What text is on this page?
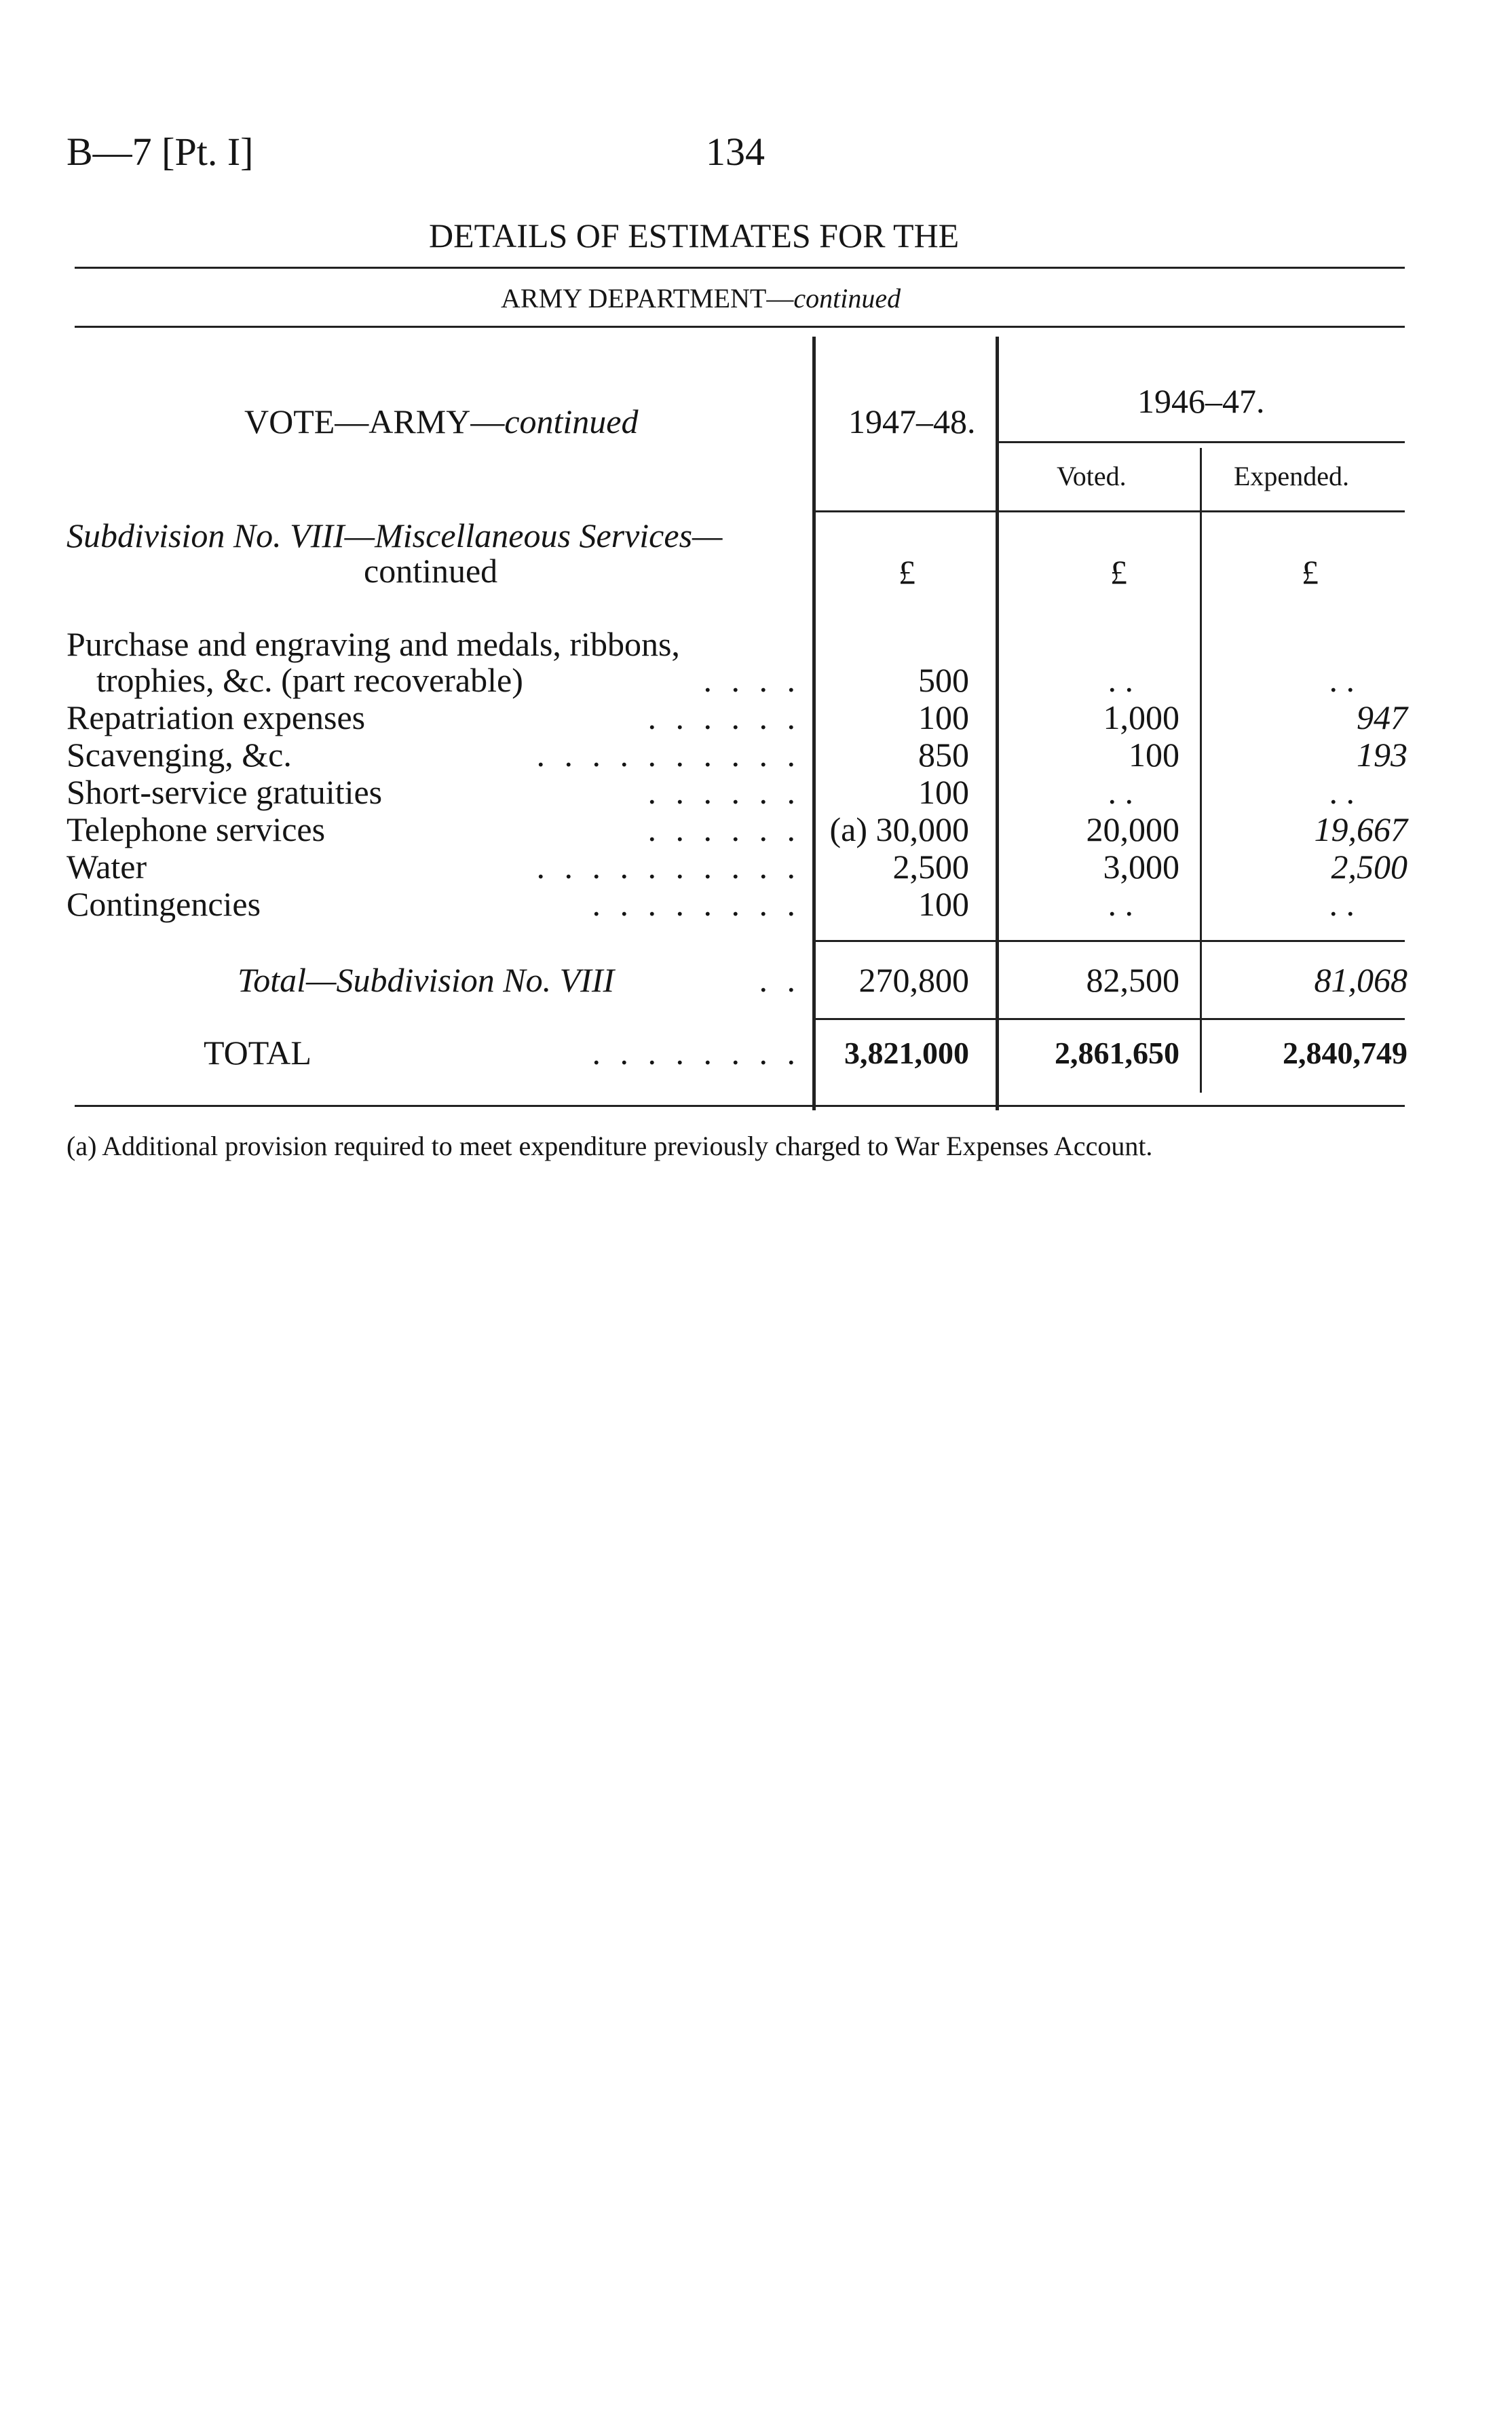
B—7 [Pt. I]	134
DETAILS OF ESTIMATES FOR THE
ARMY DEPARTMENT—continued
VOTE—ARMY—continued	1947–48.
1946–47.
Voted.	Expended.
Subdivision No. VIII—Miscellaneous Services—
continued	£	£	£
Purchase and engraving and medals, ribbons,
trophies, &c. (part recoverable)	. . . .	500	. .	. .
Repatriation expenses	. . . . . .	100	1,000	947
Scavenging, &c.	. . . . . . . . . .	850	100	193
Short-service gratuities	. . . . . .	100	. .	. .
Telephone services	. . . . . . (a) 30,000	20,000	19,667
Water	. . . . . . . . . .	2,500	3,000	2,500
Contingencies	. . . . . . . .	100	. .	. .
Total—Subdivision No. VIII	. . 270,800	82,500	81,068
TOTAL	. . . . . . . . 3,821,000	2,861,650	2,840,749
(a) Additional provision required to meet expenditure previously charged to War Expenses Account.
